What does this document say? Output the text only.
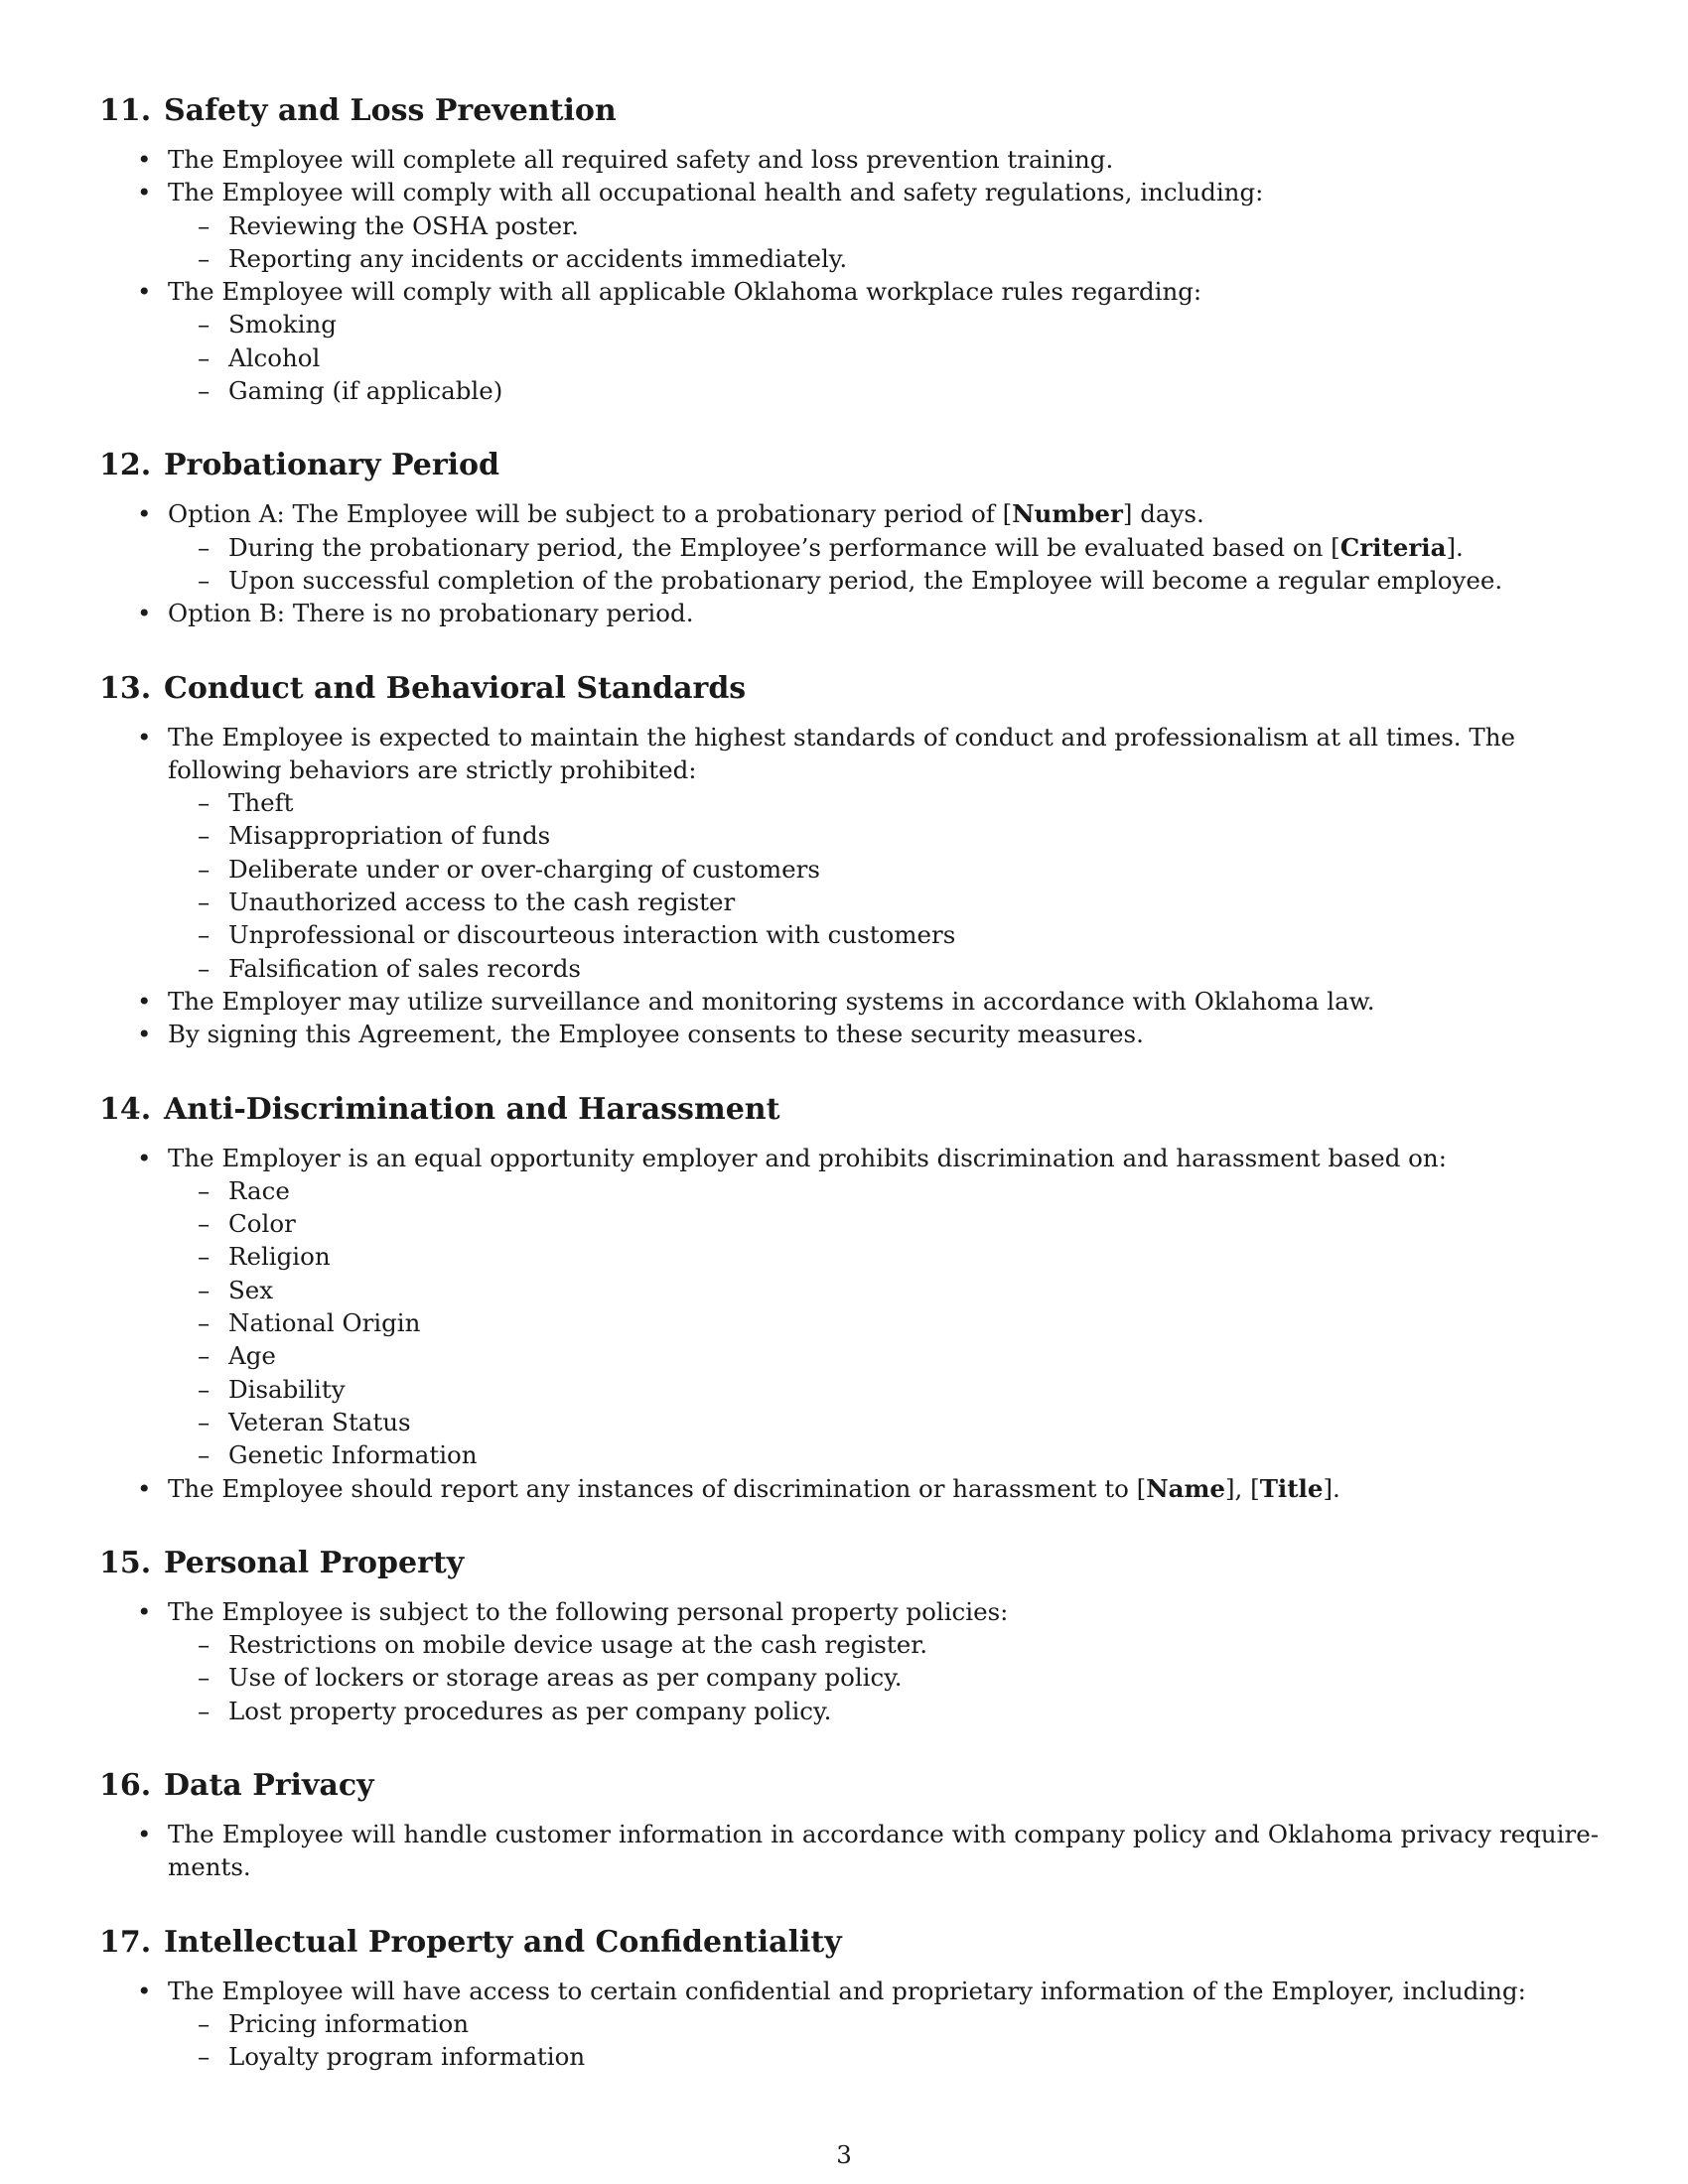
11. Safety and Loss Prevention
• The Employee will complete all required safety and loss prevention training.
• The Employee will comply with all occupational health and safety regulations, including:
– Reviewing the OSHA poster.
– Reporting any incidents or accidents immediately.
• The Employee will comply with all applicable Oklahoma workplace rules regarding:
– Smoking
– Alcohol
– Gaming (if applicable)
12. Probationary Period
• Option A: The Employee will be subject to a probationary period of [Number] days.
– During the probationary period, the Employee’s performance will be evaluated based on [Criteria].
– Upon successful completion of the probationary period, the Employee will become a regular employee.
• Option B: There is no probationary period.
13. Conduct and Behavioral Standards
• The Employee is expected to maintain the highest standards of conduct and professionalism at all times. The following behaviors are strictly prohibited:
– Theft
– Misappropriation of funds
– Deliberate under or over-charging of customers
– Unauthorized access to the cash register
– Unprofessional or discourteous interaction with customers
– Falsification of sales records
• The Employer may utilize surveillance and monitoring systems in accordance with Oklahoma law.
• By signing this Agreement, the Employee consents to these security measures.
14. Anti-Discrimination and Harassment
• The Employer is an equal opportunity employer and prohibits discrimination and harassment based on:
– Race
– Color
– Religion
– Sex
– National Origin
– Age
– Disability
– Veteran Status
– Genetic Information
• The Employee should report any instances of discrimination or harassment to [Name], [Title].
15. Personal Property
• The Employee is subject to the following personal property policies:
– Restrictions on mobile device usage at the cash register.
– Use of lockers or storage areas as per company policy.
– Lost property procedures as per company policy.
16. Data Privacy
• The Employee will handle customer information in accordance with company policy and Oklahoma privacy require-ments.
17. Intellectual Property and Confidentiality
• The Employee will have access to certain confidential and proprietary information of the Employer, including:
– Pricing information
– Loyalty program information
3
